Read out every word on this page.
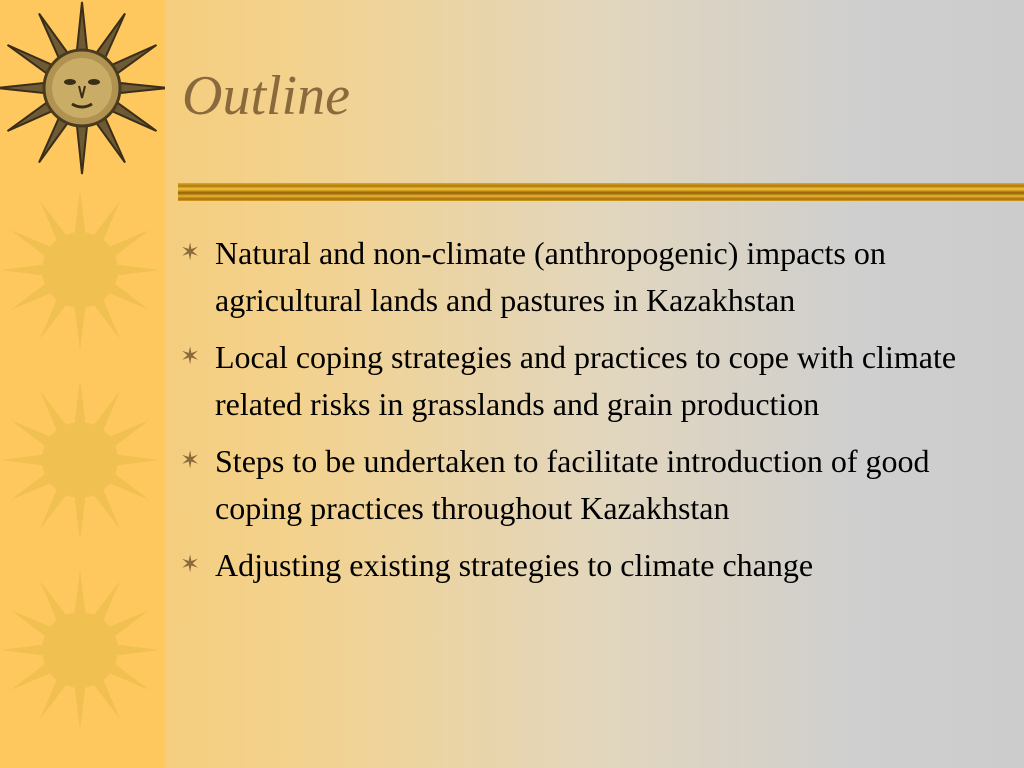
Outline
✶ Natural and non-climate (anthropogenic) impacts on agricultural lands and pastures in Kazakhstan
✶ Local coping strategies and practices to cope with climate related risks in grasslands and grain production
✶ Steps to be undertaken to facilitate introduction of good coping practices throughout Kazakhstan
✶ Adjusting existing strategies to climate change
